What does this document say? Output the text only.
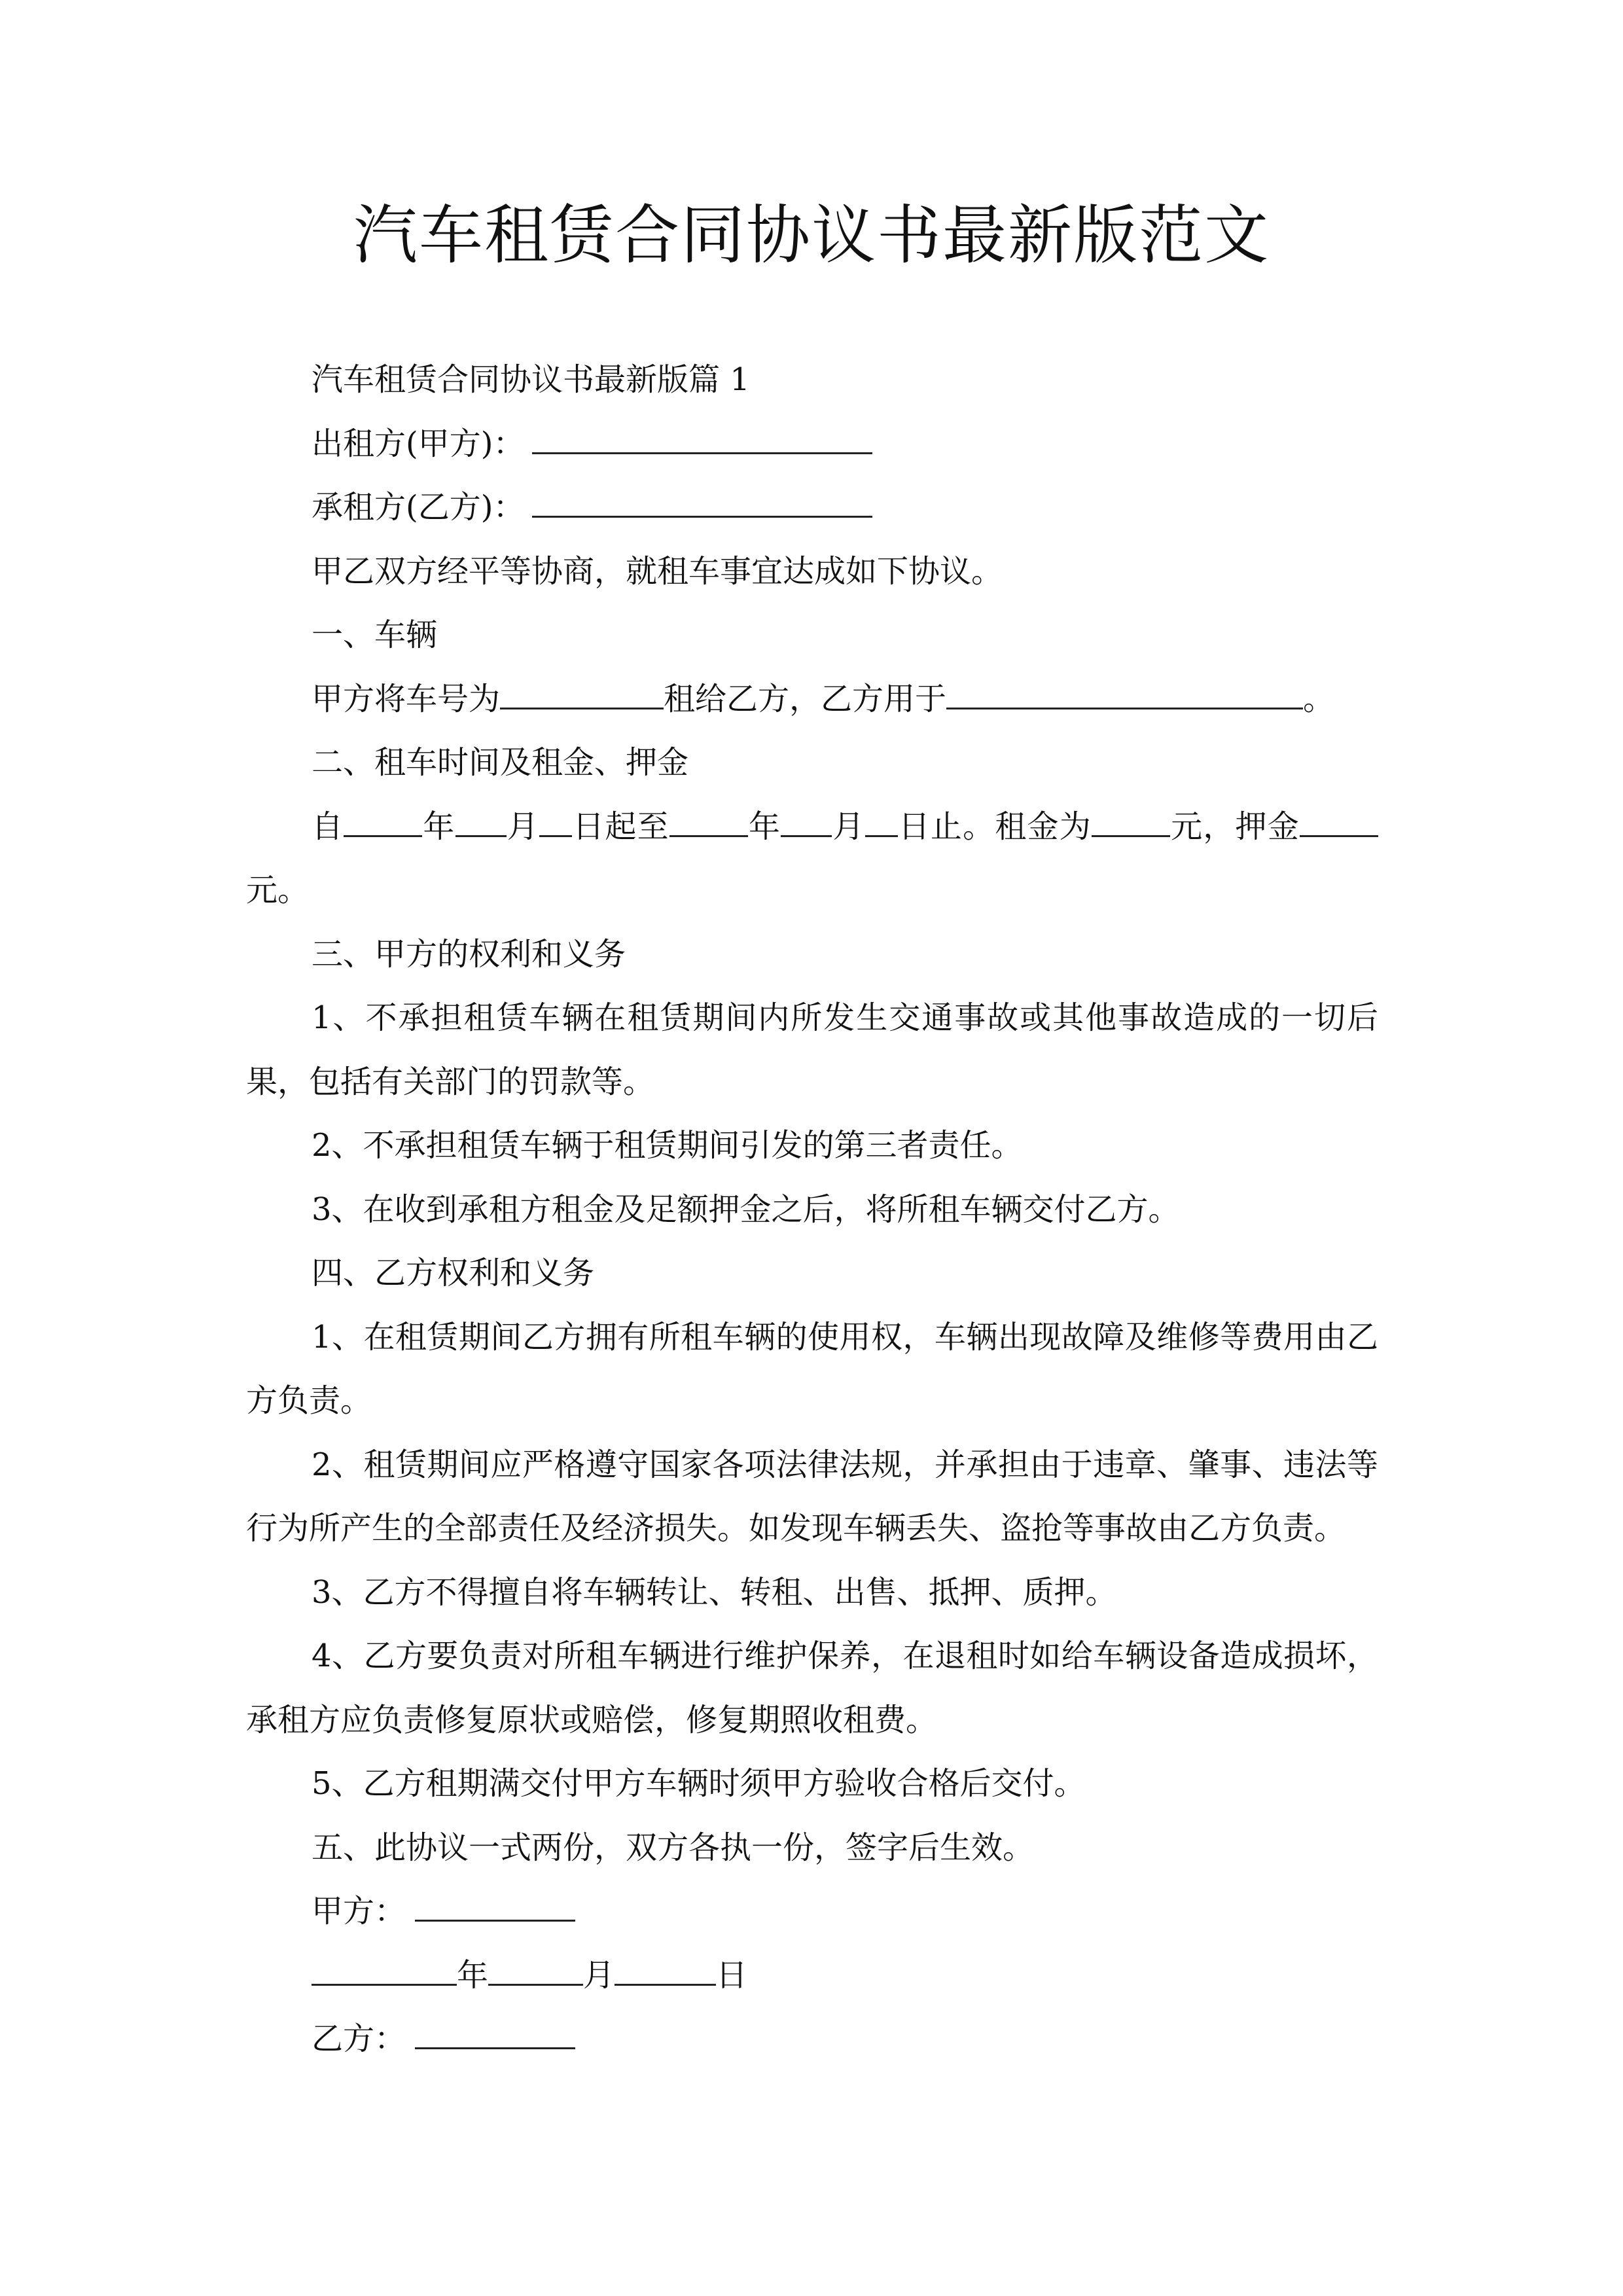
汽车租赁合同协议书最新版范文

汽车租赁合同协议书最新版篇 1

出租方(甲方)：

承租方(乙方)：

甲乙双方经平等协商，就租车事宜达成如下协议。

一、车辆

甲方将车号为	租给乙方，乙方用于	。

二、租车时间及租金、押金

自	年 月 日起至	年 月 日止。租金为	元，押金元。

三、甲方的权利和义务

1、不承担租赁车辆在租赁期间内所发生交通事故或其他事故造成的一切后果，包括有关部门的罚款等。

2、不承担租赁车辆于租赁期间引发的第三者责任。

3、在收到承租方租金及足额押金之后，将所租车辆交付乙方。

四、乙方权利和义务

1、在租赁期间乙方拥有所租车辆的使用权，车辆出现故障及维修等费用由乙方负责。

2、租赁期间应严格遵守国家各项法律法规，并承担由于违章、肇事、违法等行为所产生的全部责任及经济损失。如发现车辆丢失、盗抢等事故由乙方负责。

3、乙方不得擅自将车辆转让、转租、出售、抵押、质押。

4、乙方要负责对所租车辆进行维护保养，在退租时如给车辆设备造成损坏，承租方应负责修复原状或赔偿，修复期照收租费。

5、乙方租期满交付甲方车辆时须甲方验收合格后交付。

五、此协议一式两份，双方各执一份，签字后生效。

甲方：

年	月	日

乙方：
